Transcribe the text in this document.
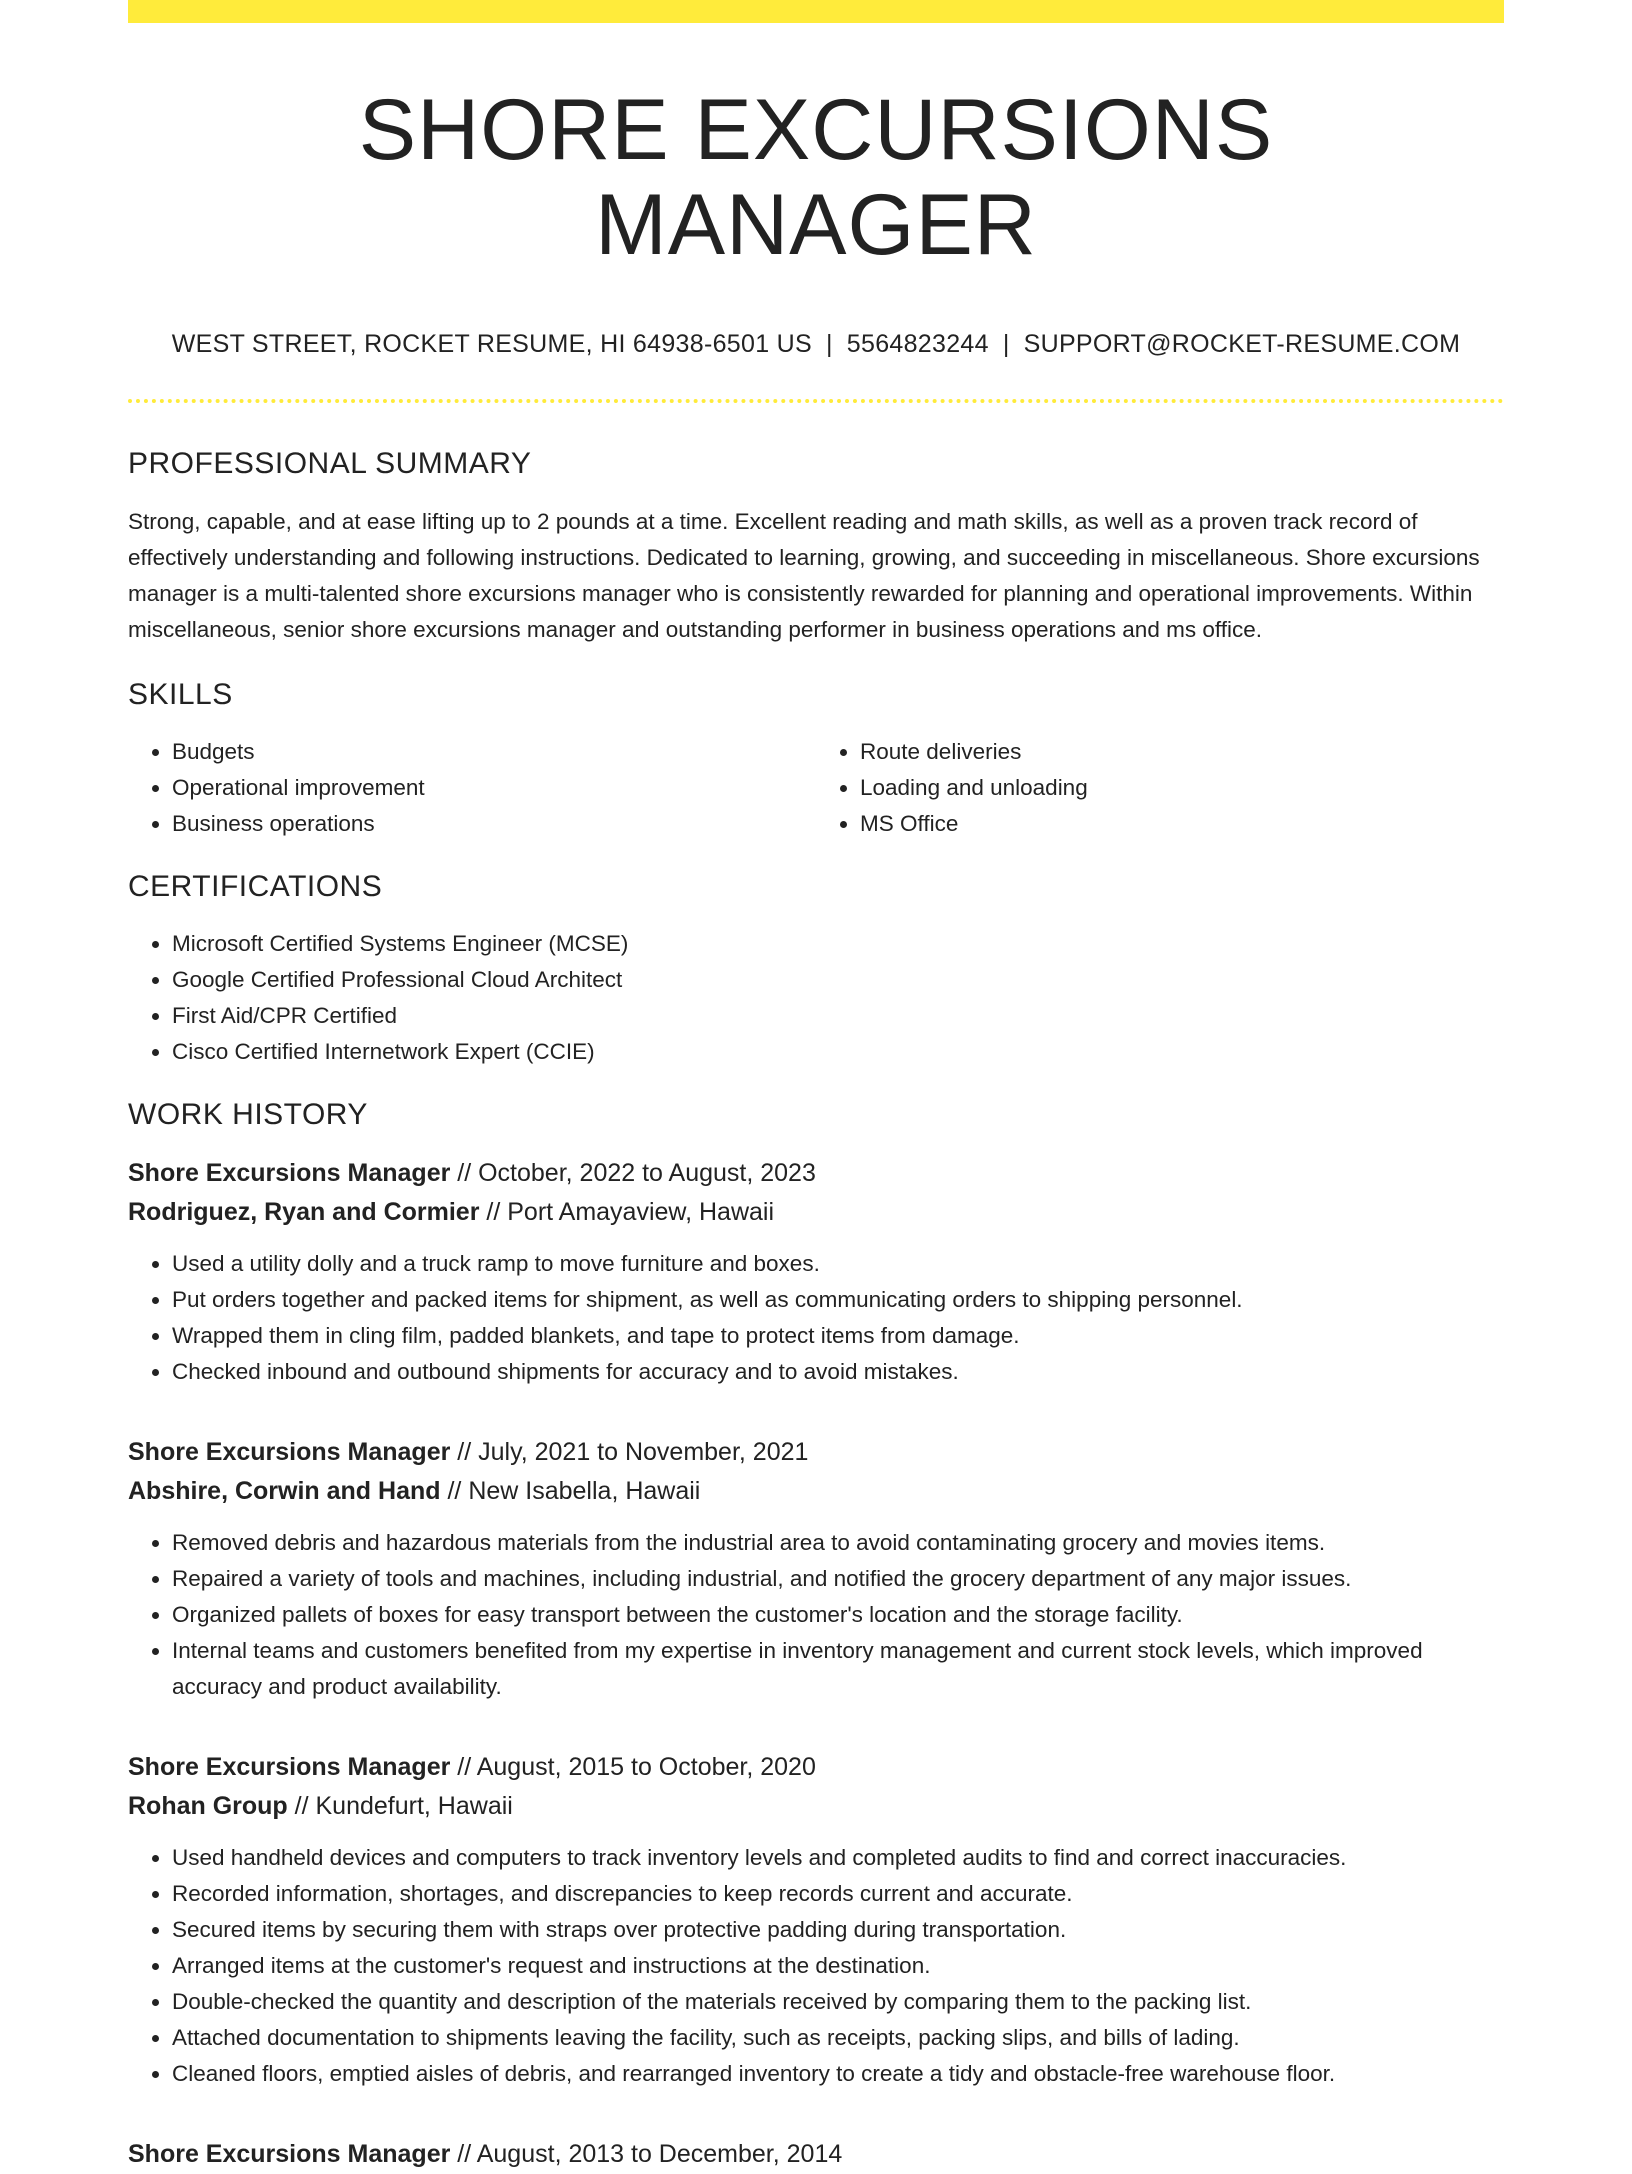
SHORE EXCURSIONS MANAGER
WEST STREET, ROCKET RESUME, HI 64938-6501 US | 5564823244 | SUPPORT@ROCKET-RESUME.COM
PROFESSIONAL SUMMARY

Strong, capable, and at ease lifting up to 2 pounds at a time. Excellent reading and math skills, as well as a proven track record of effectively understanding and following instructions. Dedicated to learning, growing, and succeeding in miscellaneous. Shore excursions manager is a multi-talented shore excursions manager who is consistently rewarded for planning and operational improvements. Within miscellaneous, senior shore excursions manager and outstanding performer in business operations and ms office.

SKILLS
• Budgets
• Operational improvement
• Business operations
• Route deliveries
• Loading and unloading
• MS Office
CERTIFICATIONS
• Microsoft Certified Systems Engineer (MCSE)
• Google Certified Professional Cloud Architect
• First Aid/CPR Certified
• Cisco Certified Internetwork Expert (CCIE)
WORK HISTORY
Shore Excursions Manager // October, 2022 to August, 2023
Rodriguez, Ryan and Cormier // Port Amayaview, Hawaii
• Used a utility dolly and a truck ramp to move furniture and boxes.
• Put orders together and packed items for shipment, as well as communicating orders to shipping personnel.
• Wrapped them in cling film, padded blankets, and tape to protect items from damage.
• Checked inbound and outbound shipments for accuracy and to avoid mistakes.
Shore Excursions Manager // July, 2021 to November, 2021
Abshire, Corwin and Hand // New Isabella, Hawaii
• Removed debris and hazardous materials from the industrial area to avoid contaminating grocery and movies items.
• Repaired a variety of tools and machines, including industrial, and notified the grocery department of any major issues.
• Organized pallets of boxes for easy transport between the customer's location and the storage facility.
• Internal teams and customers benefited from my expertise in inventory management and current stock levels, which improved accuracy and product availability.
Shore Excursions Manager // August, 2015 to October, 2020
Rohan Group // Kundefurt, Hawaii
• Used handheld devices and computers to track inventory levels and completed audits to find and correct inaccuracies.
• Recorded information, shortages, and discrepancies to keep records current and accurate.
• Secured items by securing them with straps over protective padding during transportation.
• Arranged items at the customer's request and instructions at the destination.
• Double-checked the quantity and description of the materials received by comparing them to the packing list.
• Attached documentation to shipments leaving the facility, such as receipts, packing slips, and bills of lading.
• Cleaned floors, emptied aisles of debris, and rearranged inventory to create a tidy and obstacle-free warehouse floor.
Shore Excursions Manager // August, 2013 to December, 2014
